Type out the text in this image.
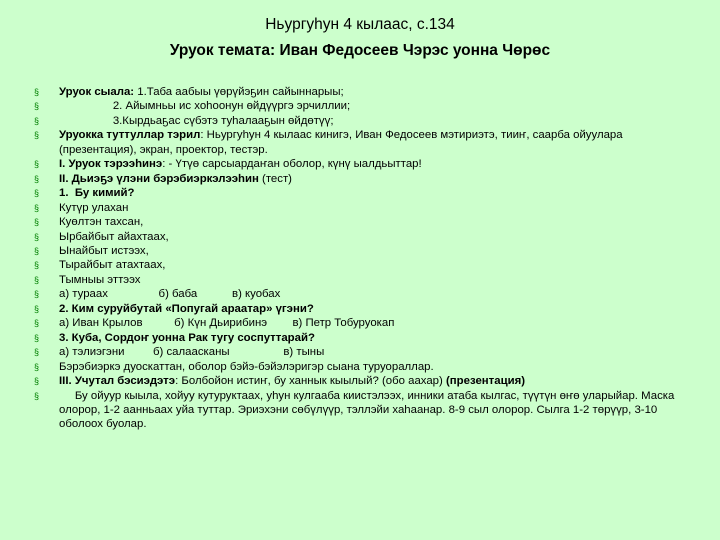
Ньургуһун 4 кылаас, с.134
Уруок темата: Иван Федосеев Чэрэс уонна Чөрөс
§ Уруок сыала: 1.Таба аабыы үөрүйэҕин сайыннарыы;
§ 2. Айымньы ис хоһоонун өйдүүргэ эрчиллии;
§ 3.Кырдьаҕас сүбэтэ туһалааҕын өйдөтүү;
§ Уруокка туттуллар тэрил: Ньургуһун 4 кылаас кинигэ, Иван Федосеев мэтириэтэ, тииҥ, саарба ойуулара (презентация), экран, проектор, тестэр.
§ I. Уруок тэрээһинэ: - Үтүө сарсыардаҥан оболор, күнү ыалдьыттар!
§ II. Дьиэҕэ үлэни бэрэбиэркэлээһин (тест)
§ 1.  Бу кимий?
§ Кутүр улахан
§ Куөлтэн тахсан,
§ Ырбайбыт айахтаах,
§ Ынайбыт истээх,
§ Тырайбыт атахтаах,
§ Тымныы эттээх
§ а) тураах                б) баба           в) куобах
§ 2. Ким суруйбутай «Попугай араатар» үгэни?
§ а) Иван Крылов          б) Күн Дьирибинэ        в) Петр Тобуруокап
§ 3. Куба, Сордоҥ уонна Рак тугу соспуттарай?
§ а) тэлиэгэни         б) салаасканы                 в) тыны
§ Бэрэбиэркэ дуоскаттан, оболор бэйэ-бэйэлэригэр сыана туруораллар.
§ III. Учутал бэсиэдэтэ: Болбойон истиҥ, бу ханнык кыылый? (обо аахар) (презентация)
§ Бу ойуур кыыла, хойуу кутуруктаах, уһун кулгааба киистэлээх, инники атаба кылгас, түүтүн өҥө уларыйар. Маска олорор, 1-2 аанньаах уйа туттар. Эриэхэни сөбүлүүр, тэллэйи хаһаанар. 8-9 сыл олорор. Сылга 1-2 төрүүр, 3-10 оболоох буолар.
